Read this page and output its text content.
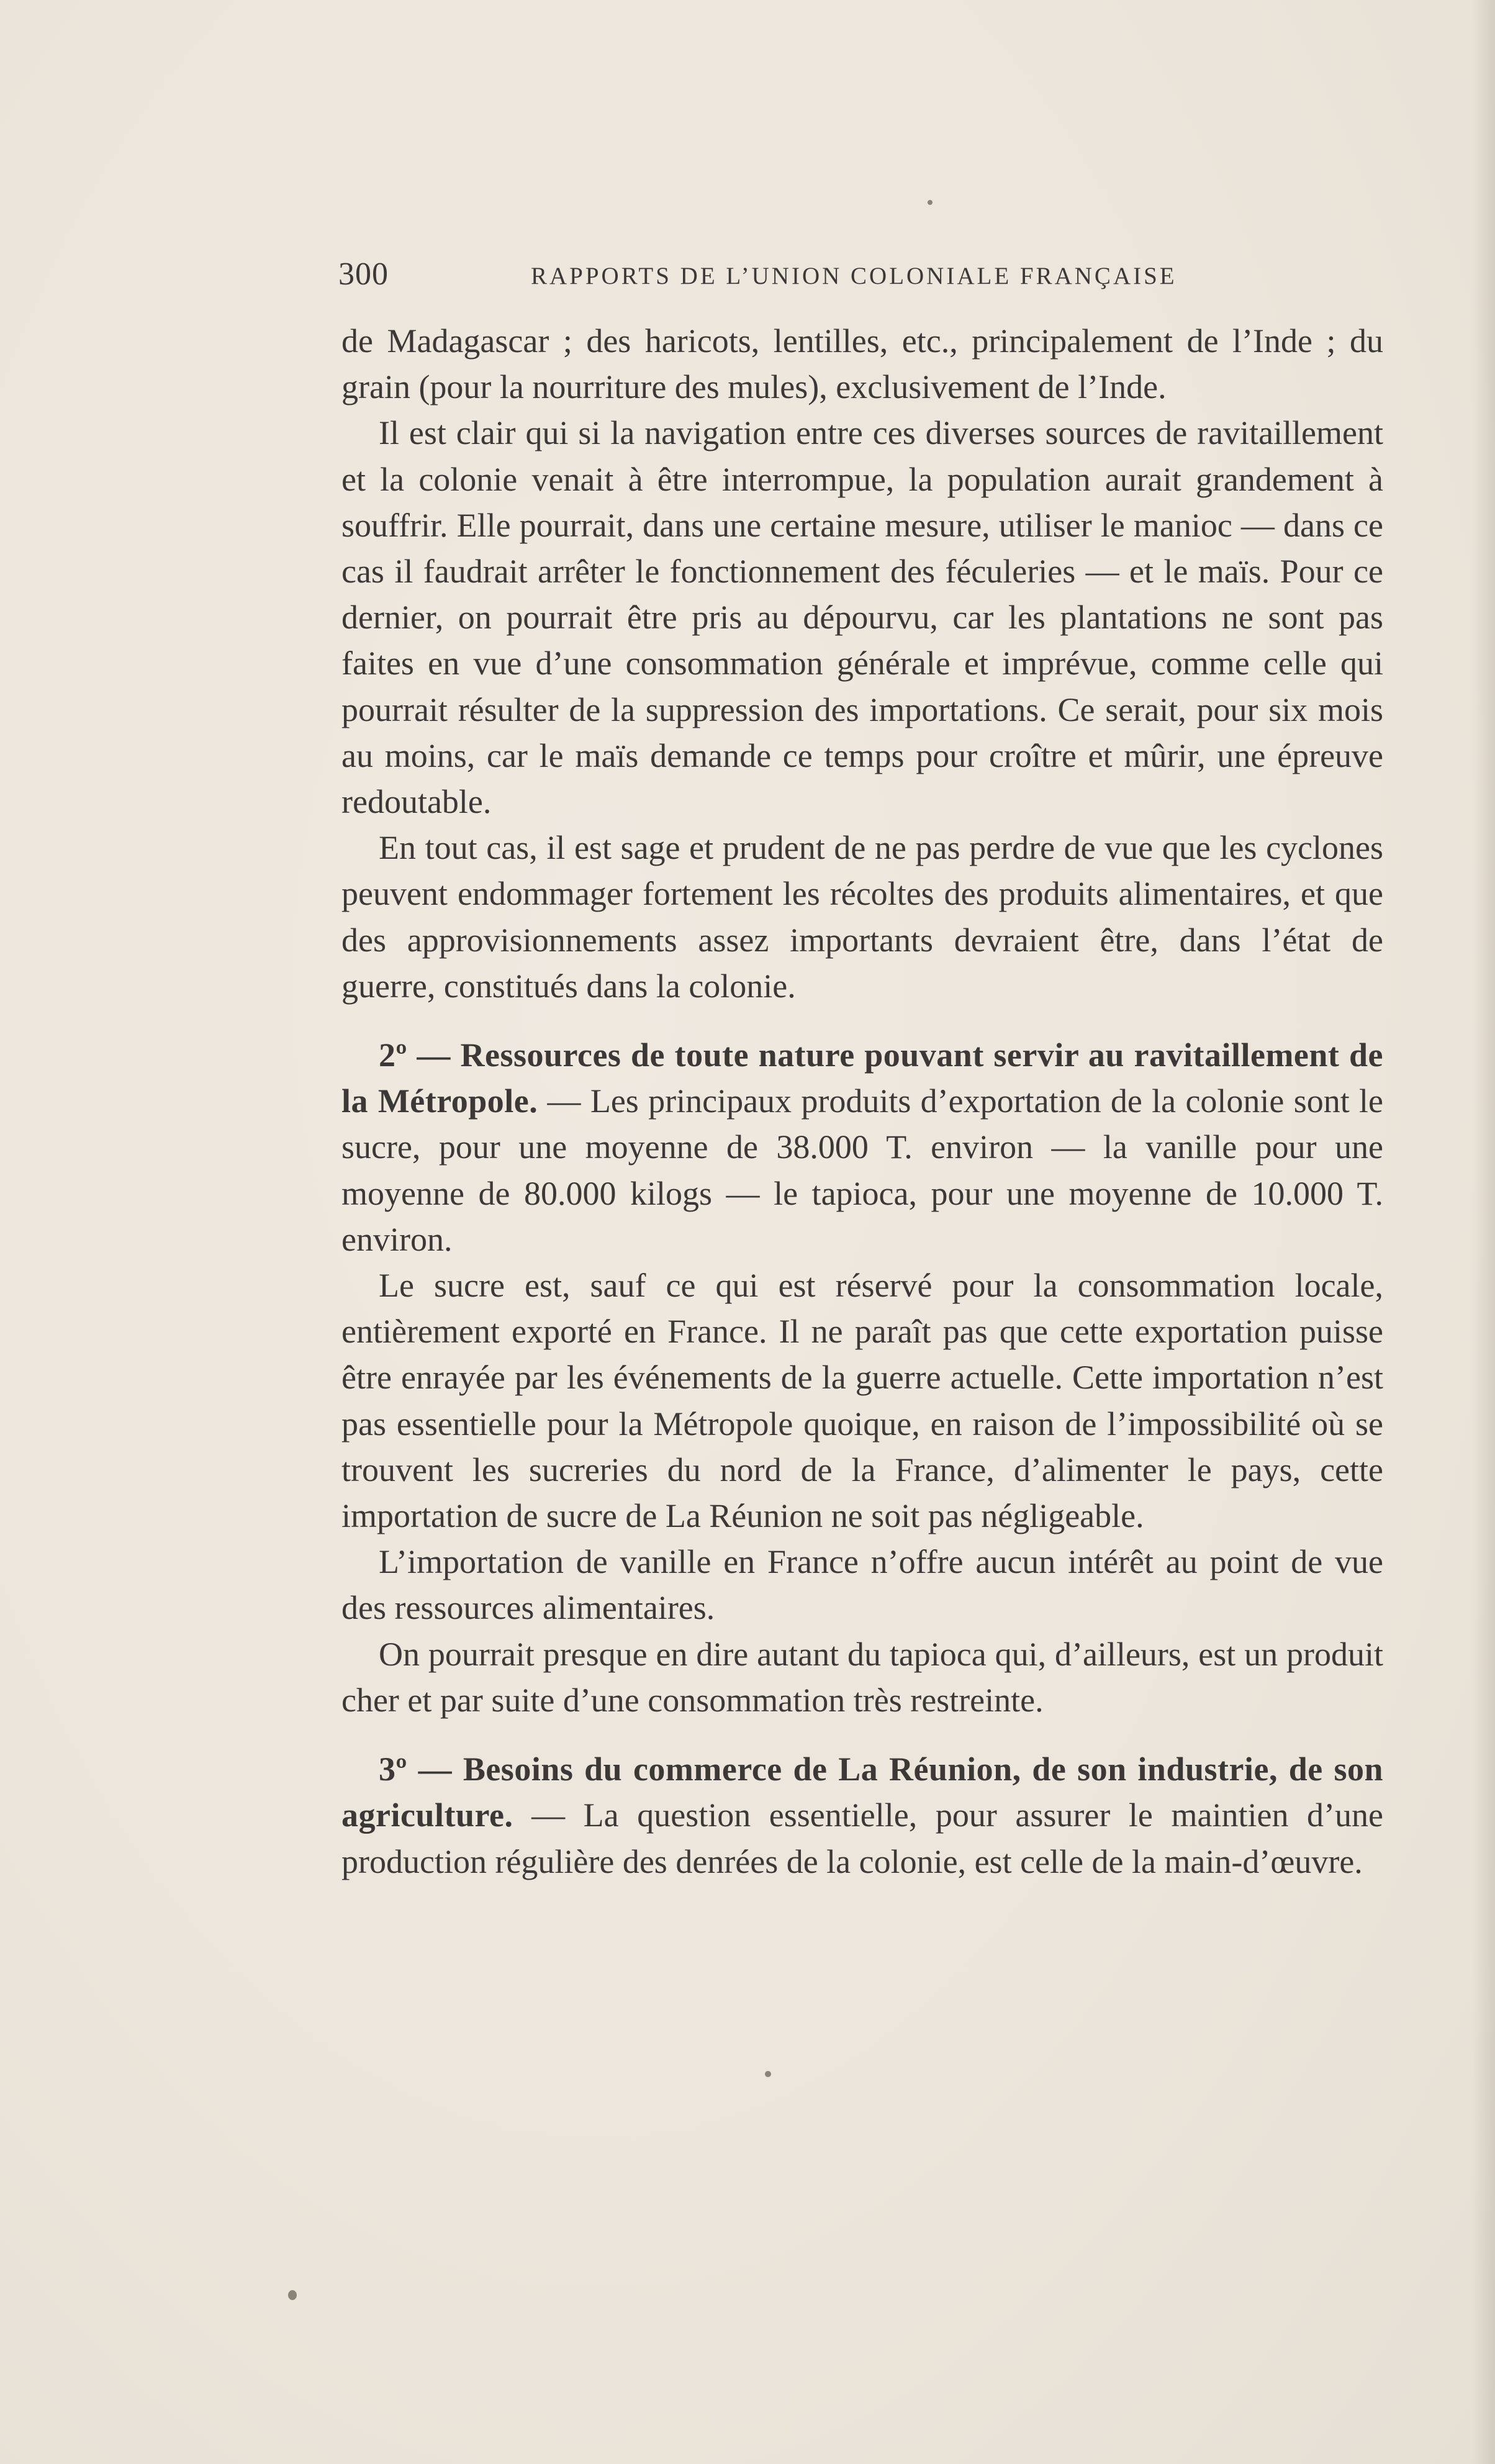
300	RAPPORTS DE L’UNION COLONIALE FRANÇAISE

de Madagascar ; des haricots, lentilles, etc., principalement de l’Inde ; du grain (pour la nourriture des mules), exclusivement de l’Inde.

Il est clair qui si la navigation entre ces diverses sources de ravitaillement et la colonie venait à être interrompue, la population aurait grandement à souffrir. Elle pourrait, dans une certaine mesure, utiliser le manioc — dans ce cas il faudrait arrêter le fonctionnement des féculeries — et le maïs. Pour ce dernier, on pourrait être pris au dépourvu, car les plantations ne sont pas faites en vue d’une consommation générale et imprévue, comme celle qui pourrait résulter de la suppression des importations. Ce serait, pour six mois au moins, car le maïs demande ce temps pour croître et mûrir, une épreuve redoutable.

En tout cas, il est sage et prudent de ne pas perdre de vue que les cyclones peuvent endommager fortement les récoltes des produits alimentaires, et que des approvisionnements assez importants devraient être, dans l’état de guerre, constitués dans la colonie.

2º — Ressources de toute nature pouvant servir au ravitaillement de la Métropole. — Les principaux produits d’exportation de la colonie sont le sucre, pour une moyenne de 38.000 T. environ — la vanille pour une moyenne de 80.000 kilogs — le tapioca, pour une moyenne de 10.000 T. environ.

Le sucre est, sauf ce qui est réservé pour la consommation locale, entièrement exporté en France. Il ne paraît pas que cette exportation puisse être enrayée par les événements de la guerre actuelle. Cette importation n’est pas essentielle pour la Métropole quoique, en raison de l’impossibilité où se trouvent les sucreries du nord de la France, d’alimenter le pays, cette importation de sucre de La Réunion ne soit pas négligeable.

L’importation de vanille en France n’offre aucun intérêt au point de vue des ressources alimentaires.

On pourrait presque en dire autant du tapioca qui, d’ailleurs, est un produit cher et par suite d’une consommation très restreinte.

3º — Besoins du commerce de La Réunion, de son industrie, de son agriculture. — La question essentielle, pour assurer le maintien d’une production régulière des denrées de la colonie, est celle de la main-d’œuvre.
